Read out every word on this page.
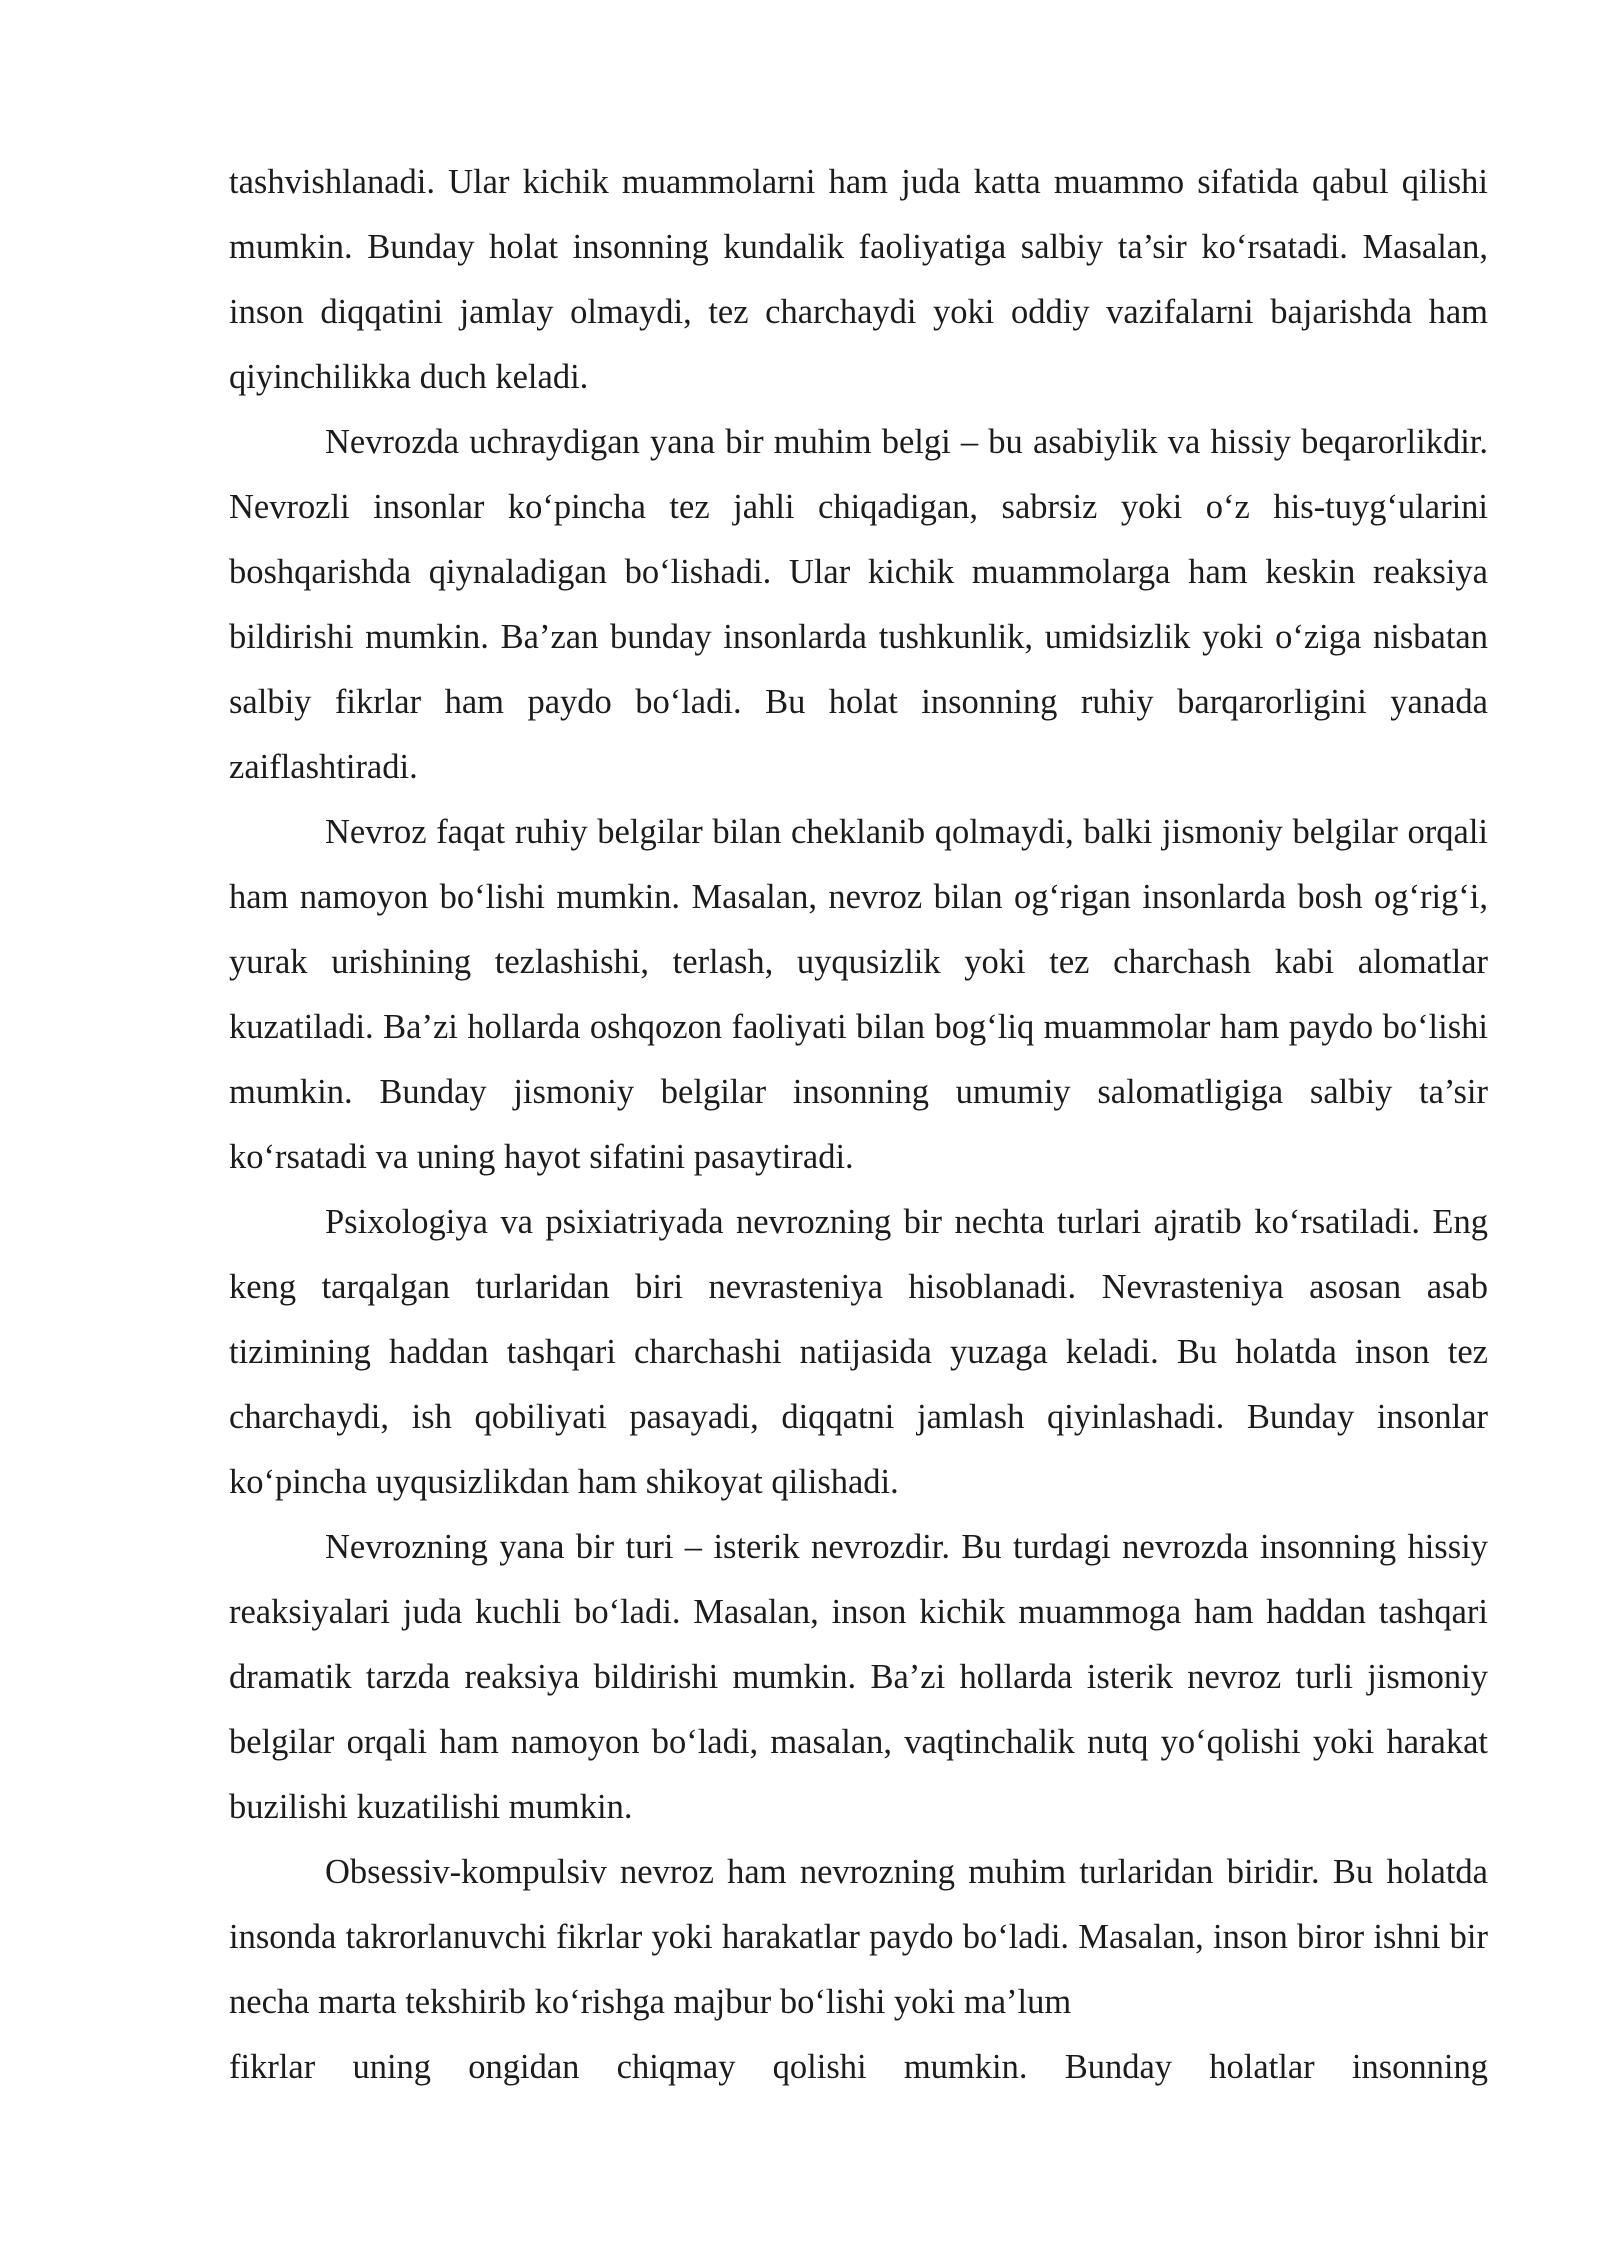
tashvishlanadi. Ular kichik muammolarni ham juda katta muammo sifatida qabul qilishi mumkin. Bunday holat insonning kundalik faoliyatiga salbiy ta’sir ko‘rsatadi. Masalan, inson diqqatini jamlay olmaydi, tez charchaydi yoki oddiy vazifalarni bajarishda ham qiyinchilikka duch keladi.

Nevrozda uchraydigan yana bir muhim belgi – bu asabiylik va hissiy beqarorlikdir. Nevrozli insonlar ko‘pincha tez jahli chiqadigan, sabrsiz yoki o‘z his-tuyg‘ularini boshqarishda qiynaladigan bo‘lishadi. Ular kichik muammolarga ham keskin reaksiya bildirishi mumkin. Ba’zan bunday insonlarda tushkunlik, umidsizlik yoki o‘ziga nisbatan salbiy fikrlar ham paydo bo‘ladi. Bu holat insonning ruhiy barqarorligini yanada zaiflashtiradi.

Nevroz faqat ruhiy belgilar bilan cheklanib qolmaydi, balki jismoniy belgilar orqali ham namoyon bo‘lishi mumkin. Masalan, nevroz bilan og‘rigan insonlarda bosh og‘rig‘i, yurak urishining tezlashishi, terlash, uyqusizlik yoki tez charchash kabi alomatlar kuzatiladi. Ba’zi hollarda oshqozon faoliyati bilan bog‘liq muammolar ham paydo bo‘lishi mumkin. Bunday jismoniy belgilar insonning umumiy salomatligiga salbiy ta’sir ko‘rsatadi va uning hayot sifatini pasaytiradi.

Psixologiya va psixiatriyada nevrozning bir nechta turlari ajratib ko‘rsatiladi. Eng keng tarqalgan turlaridan biri nevrasteniya hisoblanadi. Nevrasteniya asosan asab tizimining haddan tashqari charchashi natijasida yuzaga keladi. Bu holatda inson tez charchaydi, ish qobiliyati pasayadi, diqqatni jamlash qiyinlashadi. Bunday insonlar ko‘pincha uyqusizlikdan ham shikoyat qilishadi.

Nevrozning yana bir turi – isterik nevrozdir. Bu turdagi nevrozda insonning hissiy reaksiyalari juda kuchli bo‘ladi. Masalan, inson kichik muammoga ham haddan tashqari dramatik tarzda reaksiya bildirishi mumkin. Ba’zi hollarda isterik nevroz turli jismoniy belgilar orqali ham namoyon bo‘ladi, masalan, vaqtinchalik nutq yo‘qolishi yoki harakat buzilishi kuzatilishi mumkin.

Obsessiv-kompulsiv nevroz ham nevrozning muhim turlaridan biridir. Bu holatda insonda takrorlanuvchi fikrlar yoki harakatlar paydo bo‘ladi. Masalan, inson biror ishni bir necha marta tekshirib ko‘rishga majbur bo‘lishi yoki ma’lum

fikrlar uning ongidan chiqmay qolishi mumkin. Bunday holatlar insonning
